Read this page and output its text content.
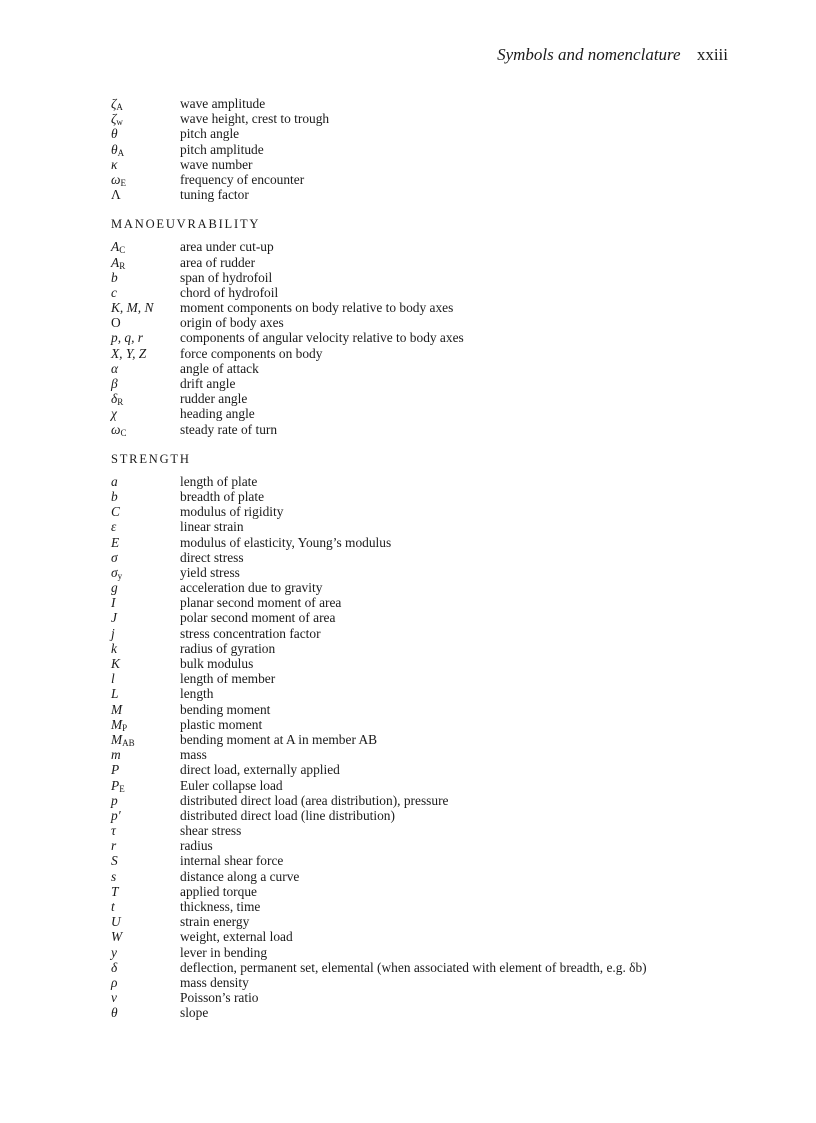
Symbols and nomenclature xxiii
$\zeta_A$	wave amplitude
$\zeta_w$	wave height, crest to trough
θ	pitch angle
$\theta_A$	pitch amplitude
κ	wave number
$\omega_E$	frequency of encounter
Λ	tuning factor
MANOEUVRABILITY
$A_C$	area under cut-up
$A_R$	area of rudder
b	span of hydrofoil
c	chord of hydrofoil
K, M, N	moment components on body relative to body axes
O	origin of body axes
p, q, r	components of angular velocity relative to body axes
X, Y, Z	force components on body
α	angle of attack
β	drift angle
$\delta_R$	rudder angle
χ	heading angle
$\omega_C$	steady rate of turn
STRENGTH
a	length of plate
b	breadth of plate
C	modulus of rigidity
ε	linear strain
E	modulus of elasticity, Young’s modulus
σ	direct stress
$\sigma_y$	yield stress
g	acceleration due to gravity
I	planar second moment of area
J	polar second moment of area
j	stress concentration factor
k	radius of gyration
K	bulk modulus
l	length of member
L	length
M	bending moment
$M_P$	plastic moment
$M_{AB}$	bending moment at A in member AB
m	mass
P	direct load, externally applied
$P_E$	Euler collapse load
p	distributed direct load (area distribution), pressure
p′	distributed direct load (line distribution)
τ	shear stress
r	radius
S	internal shear force
s	distance along a curve
T	applied torque
t	thickness, time
U	strain energy
W	weight, external load
y	lever in bending
δ	deflection, permanent set, elemental (when associated with element of breadth, e.g. δb)
ρ	mass density
v	Poisson’s ratio
θ	slope
